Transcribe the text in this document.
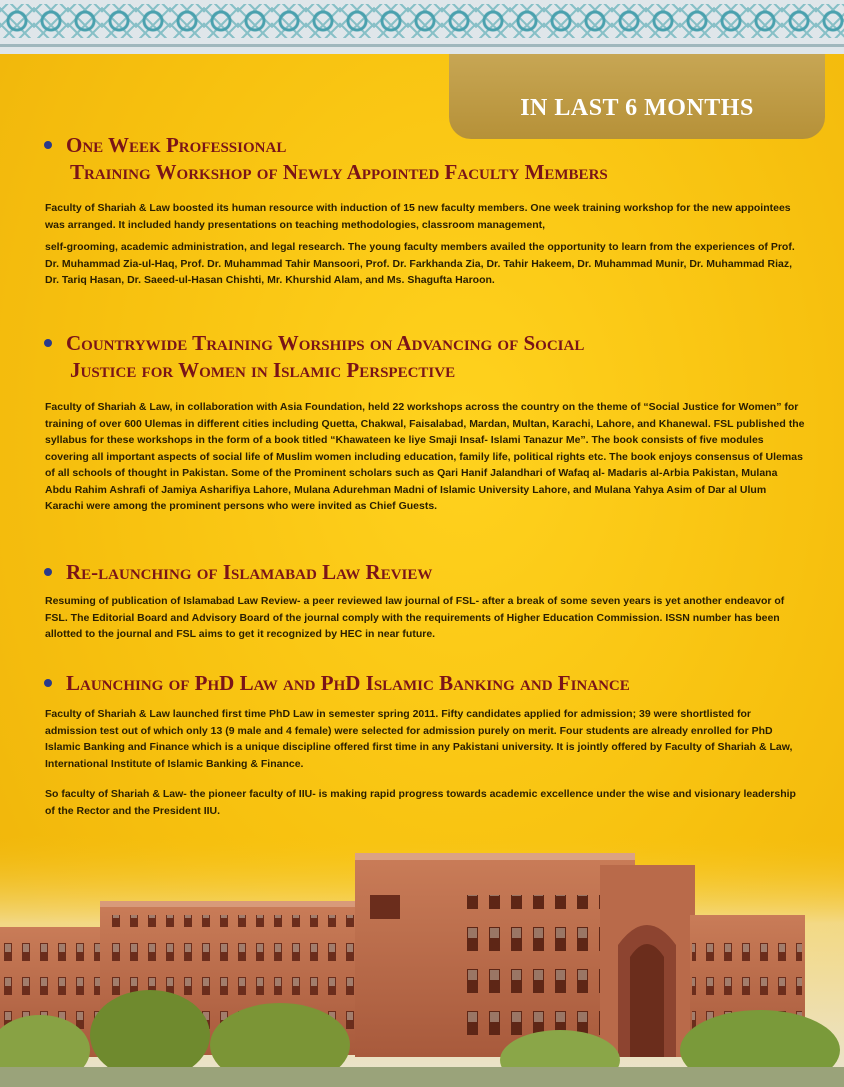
IN LAST 6 MONTHS
One Week Professional
Training Workshop of Newly Appointed Faculty Members

Faculty of Shariah & Law boosted its human resource with induction of 15 new faculty members. One week training workshop for the new appointees was arranged. It included handy presentations on teaching methodologies, classroom management,

self-grooming, academic administration, and legal research. The young faculty members availed the opportunity to learn from the experiences of Prof. Dr. Muhammad Zia-ul-Haq, Prof. Dr. Muhammad Tahir Mansoori, Prof. Dr. Farkhanda Zia, Dr. Tahir Hakeem, Dr. Muhammad Munir, Dr. Muhammad Riaz, Dr. Tariq Hasan, Dr. Saeed-ul-Hasan Chishti, Mr. Khurshid Alam, and Ms. Shagufta Haroon.

Countrywide Training Worships on Advancing of Social
Justice for Women in Islamic Perspective

Faculty of Shariah & Law, in collaboration with Asia Foundation, held 22 workshops across the country on the theme of “Social Justice for Women” for training of over 600 Ulemas in different cities including Quetta, Chakwal, Faisalabad, Mardan, Multan, Karachi, Lahore, and Khanewal. FSL published the syllabus for these workshops in the form of a book titled “Khawateen ke liye Smaji Insaf- Islami Tanazur Me”. The book consists of five modules covering all important aspects of social life of Muslim women including education, family life, political rights etc. The book enjoys consensus of Ulemas of all schools of thought in Pakistan. Some of the Prominent scholars such as Qari Hanif Jalandhari of Wafaq al- Madaris al-Arbia Pakistan, Mulana Abdu Rahim Ashrafi of Jamiya Asharifiya Lahore, Mulana Adurehman Madni of Islamic University Lahore, and Mulana Yahya Asim of Dar al Ulum Karachi were among the prominent persons who were invited as Chief Guests.

Re-launching of Islamabad Law Review

Resuming of publication of Islamabad Law Review- a peer reviewed law journal of FSL- after a break of some seven years is yet another endeavor of FSL. The Editorial Board and Advisory Board of the journal comply with the requirements of Higher Education Commission. ISSN number has been allotted to the journal and FSL aims to get it recognized by HEC in near future.

Launching of PhD Law and PhD Islamic Banking and Finance

Faculty of Shariah & Law launched first time PhD Law in semester spring 2011. Fifty candidates applied for admission; 39 were shortlisted for admission test out of which only 13 (9 male and 4 female) were selected for admission purely on merit. Four students are already enrolled for PhD Islamic Banking and Finance which is a unique discipline offered first time in any Pakistani university. It is jointly offered by Faculty of Shariah & Law, International Institute of Islamic Banking & Finance.

So faculty of Shariah & Law- the pioneer faculty of IIU- is making rapid progress towards academic excellence under the wise and visionary leadership of the Rector and the President IIU.
